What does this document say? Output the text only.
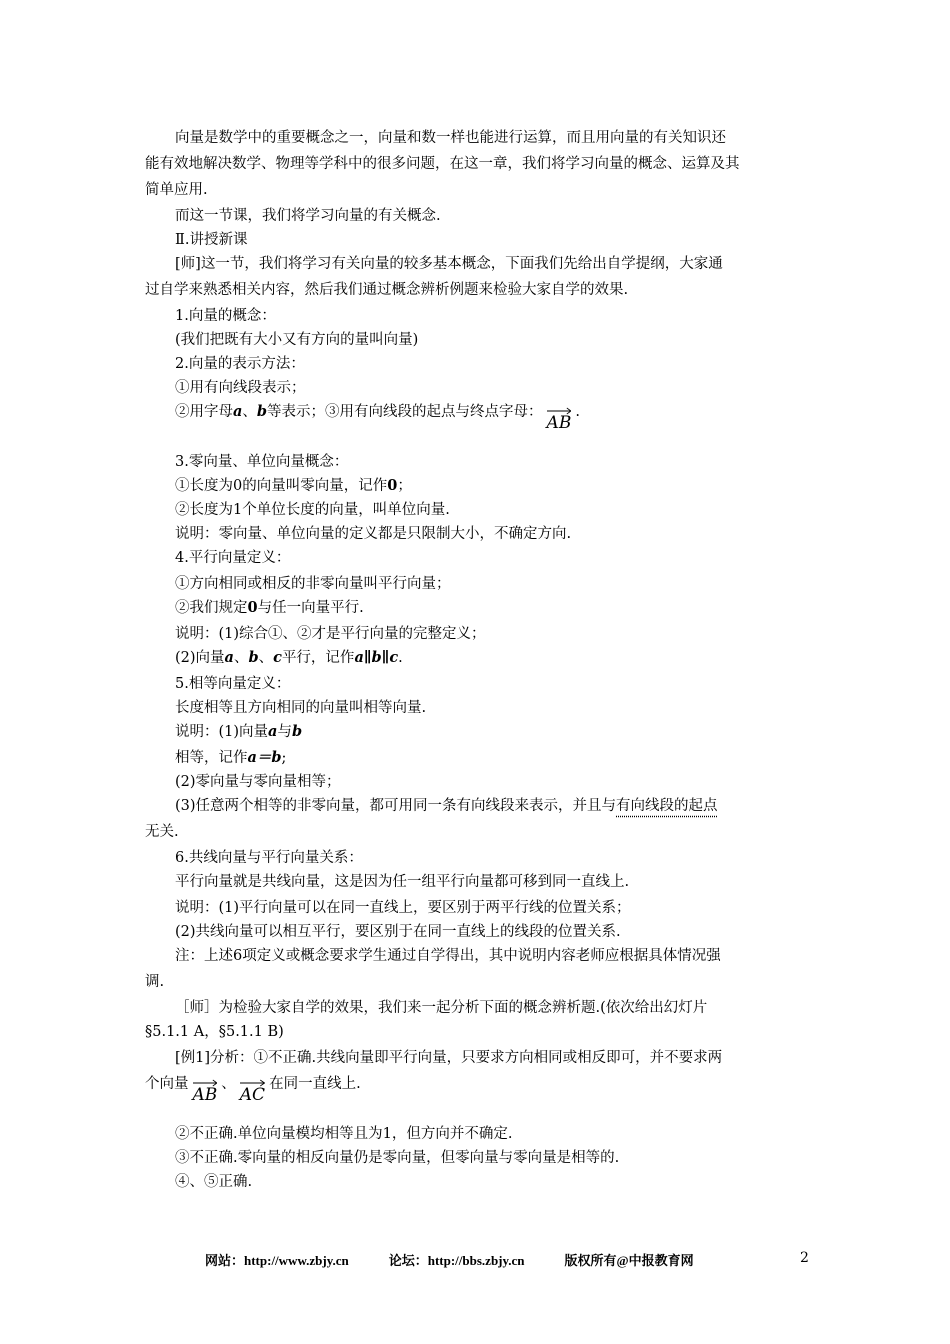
向量是数学中的重要概念之一，向量和数一样也能进行运算，而且用向量的有关知识还
能有效地解决数学、物理等学科中的很多问题，在这一章，我们将学习向量的概念、运算及其
简单应用.
而这一节课，我们将学习向量的有关概念.
Ⅱ.讲授新课
[师]这一节，我们将学习有关向量的较多基本概念，下面我们先给出自学提纲，大家通
过自学来熟悉相关内容，然后我们通过概念辨析例题来检验大家自学的效果.
1.向量的概念：
(我们把既有大小又有方向的量叫向量)
2.向量的表示方法：
①用有向线段表示；
②用字母a、b等表示；③用有向线段的起点与终点字母：
AB.
3.零向量、单位向量概念：
①长度为0的向量叫零向量，记作0；
②长度为1个单位长度的向量，叫单位向量.
说明：零向量、单位向量的定义都是只限制大小，不确定方向.
4.平行向量定义：
①方向相同或相反的非零向量叫平行向量；
②我们规定0与任一向量平行.
说明：(1)综合①、②才是平行向量的完整定义；
(2)向量a、b、c平行，记作a∥b∥c.
5.相等向量定义：
长度相等且方向相同的向量叫相等向量.
说明：(1)向量a与b
相等，记作a＝b;
(2)零向量与零向量相等；
(3)任意两个相等的非零向量，都可用同一条有向线段来表示，并且与有向线段的起点
无关.
6.共线向量与平行向量关系：
平行向量就是共线向量，这是因为任一组平行向量都可移到同一直线上.
说明：(1)平行向量可以在同一直线上，要区别于两平行线的位置关系；
(2)共线向量可以相互平行，要区别于在同一直线上的线段的位置关系.
注：上述6项定义或概念要求学生通过自学得出，其中说明内容老师应根据具体情况强
调.
［师］为检验大家自学的效果，我们来一起分析下面的概念辨析题.(依次给出幻灯片
§5.1.1 A，§5.1.1 B)
[例1]分析：①不正确.共线向量即平行向量，只要求方向相同或相反即可，并不要求两
个向量
AB、
AC在同一直线上.
②不正确.单位向量模均相等且为1，但方向并不确定.
③不正确.零向量的相反向量仍是零向量，但零向量与零向量是相等的.
④、⑤正确.
网站：http://www.zbjy.cn	论坛：http://bbs.zbjy.cn	版权所有@中报教育网	2
